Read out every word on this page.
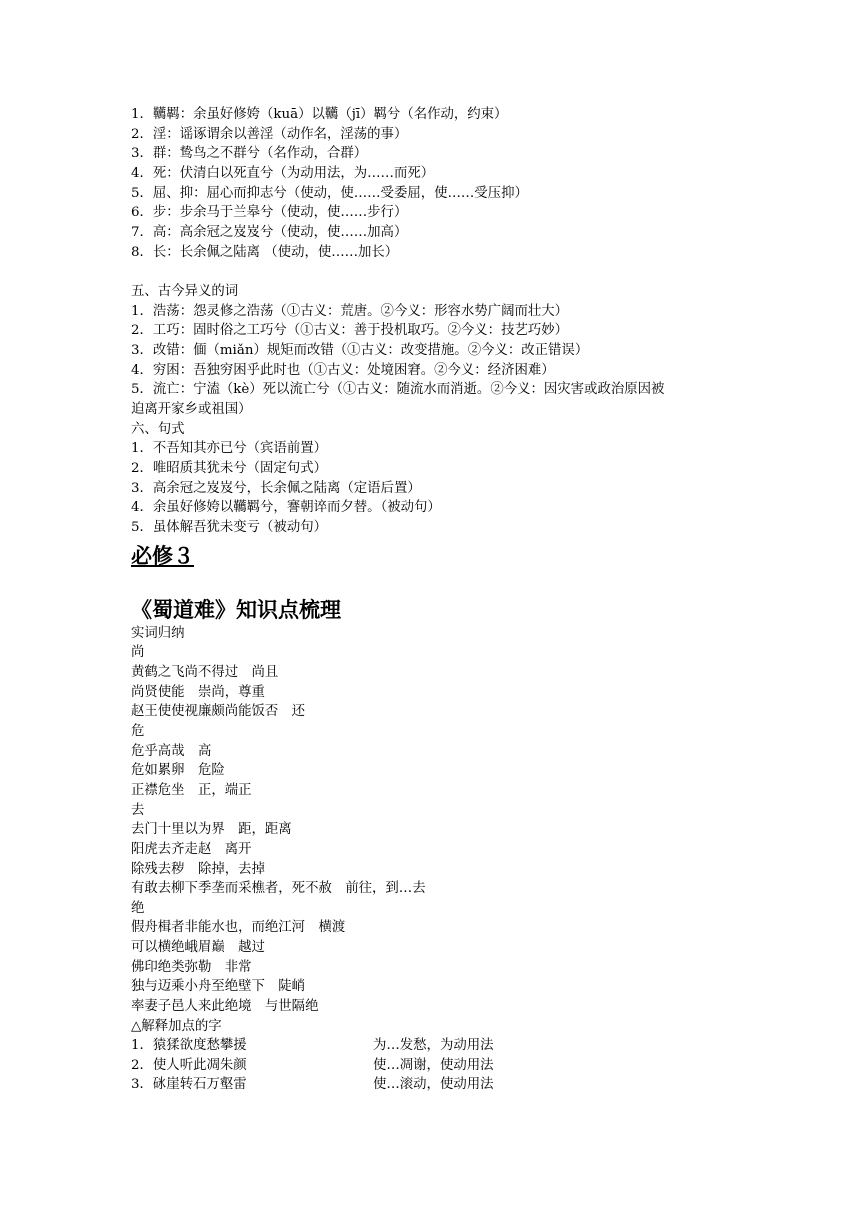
1．韉羁：余虽好修姱（kuā）以韉（jī）羁兮（名作动，约束）
2．淫：谣诼谓余以善淫（动作名，淫荡的事）
3．群：鸷鸟之不群兮（名作动，合群）
4．死：伏清白以死直兮（为动用法，为……而死）
5．屈、抑：屈心而抑志兮（使动，使……受委屈，使……受压抑）
6．步：步余马于兰皋兮（使动，使……步行）
7．高：高余冠之岌岌兮（使动，使……加高）
8．长：长余佩之陆离 （使动，使……加长）
五、古今异义的词
1．浩荡：怨灵修之浩荡（①古义：荒唐。②今义：形容水势广阔而壮大）
2．工巧：固时俗之工巧兮（①古义：善于投机取巧。②今义：技艺巧妙）
3．改错：偭（miǎn）规矩而改错（①古义：改变措施。②今义：改正错误）
4．穷困：吾独穷困乎此时也（①古义：处境困窘。②今义：经济困难）
5．流亡：宁溘（kè）死以流亡兮（①古义：随流水而消逝。②今义：因灾害或政治原因被
迫离开家乡或祖国）
六、句式
1．不吾知其亦已兮（宾语前置）
2．唯昭质其犹未兮（固定句式）
3．高余冠之岌岌兮，长余佩之陆离（定语后置）
4．余虽好修姱以韉羁兮，謇朝谇而夕替。（被动句）
5．虽体解吾犹未变亏（被动句）
必修３
《蜀道难》知识点梳理
实词归纳
尚
黄鹤之飞尚不得过　尚且
尚贤使能　崇尚，尊重
赵王使使视廉颇尚能饭否　还
危
危乎高哉　高
危如累卵　危险
正襟危坐　正，端正
去
去门十里以为界　距，距离
阳虎去齐走赵　离开
除残去秽　除掉，去掉
有敢去柳下季垄而采樵者，死不赦　前往，到…去
绝
假舟楫者非能水也，而绝江河　横渡
可以横绝峨眉巅　越过
佛印绝类弥勒　非常
独与迈乘小舟至绝壁下　陡峭
率妻子邑人来此绝境　与世隔绝
△解释加点的字
1．猿猱欲度愁攀援	为…发愁，为动用法
2．使人听此凋朱颜	使…凋谢，使动用法
3．砯崖转石万壑雷	使…滚动，使动用法
